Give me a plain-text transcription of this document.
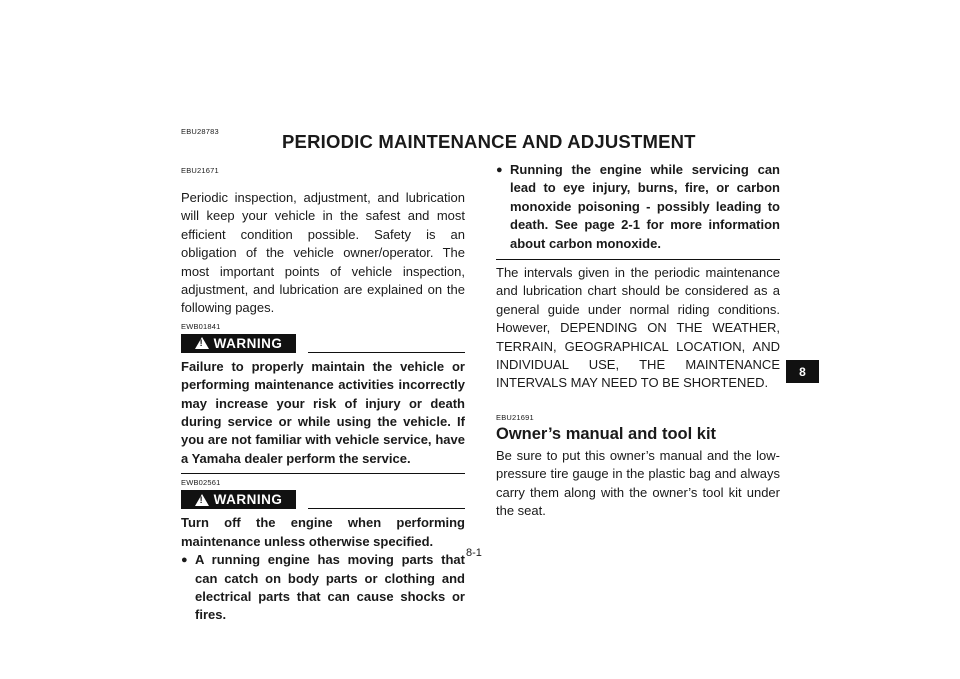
EBU28783	PERIODIC MAINTENANCE AND ADJUSTMENT
EBU21671

Periodic inspection, adjustment, and lubrication will keep your vehicle in the safest and most efficient condition possible. Safety is an obligation of the vehicle owner/operator. The most important points of vehicle inspection, adjustment, and lubrication are explained on the following pages.

EWB01841
! WARNING

Failure to properly maintain the vehicle or performing maintenance activities incorrectly may increase your risk of injury or death during service or while using the vehicle. If you are not familiar with vehicle service, have a Yamaha dealer perform the service.

EWB02561
! WARNING

Turn off the engine when performing maintenance unless otherwise specified.

● A running engine has moving parts that can catch on body parts or clothing and electrical parts that can cause shocks or fires.

● Running the engine while servicing can lead to eye injury, burns, fire, or carbon monoxide poisoning - possibly leading to death. See page 2-1 for more information about carbon monoxide.

The intervals given in the periodic maintenance and lubrication chart should be considered as a general guide under normal riding conditions. However, DEPENDING ON THE WEATHER, TERRAIN, GEOGRAPHICAL LOCATION, AND INDIVIDUAL USE, THE MAINTENANCE INTERVALS MAY NEED TO BE SHORTENED.

EBU21691

Owner’s manual and tool kit

Be sure to put this owner’s manual and the low-pressure tire gauge in the plastic bag and always carry them along with the owner’s tool kit under the seat.

8-1
8
